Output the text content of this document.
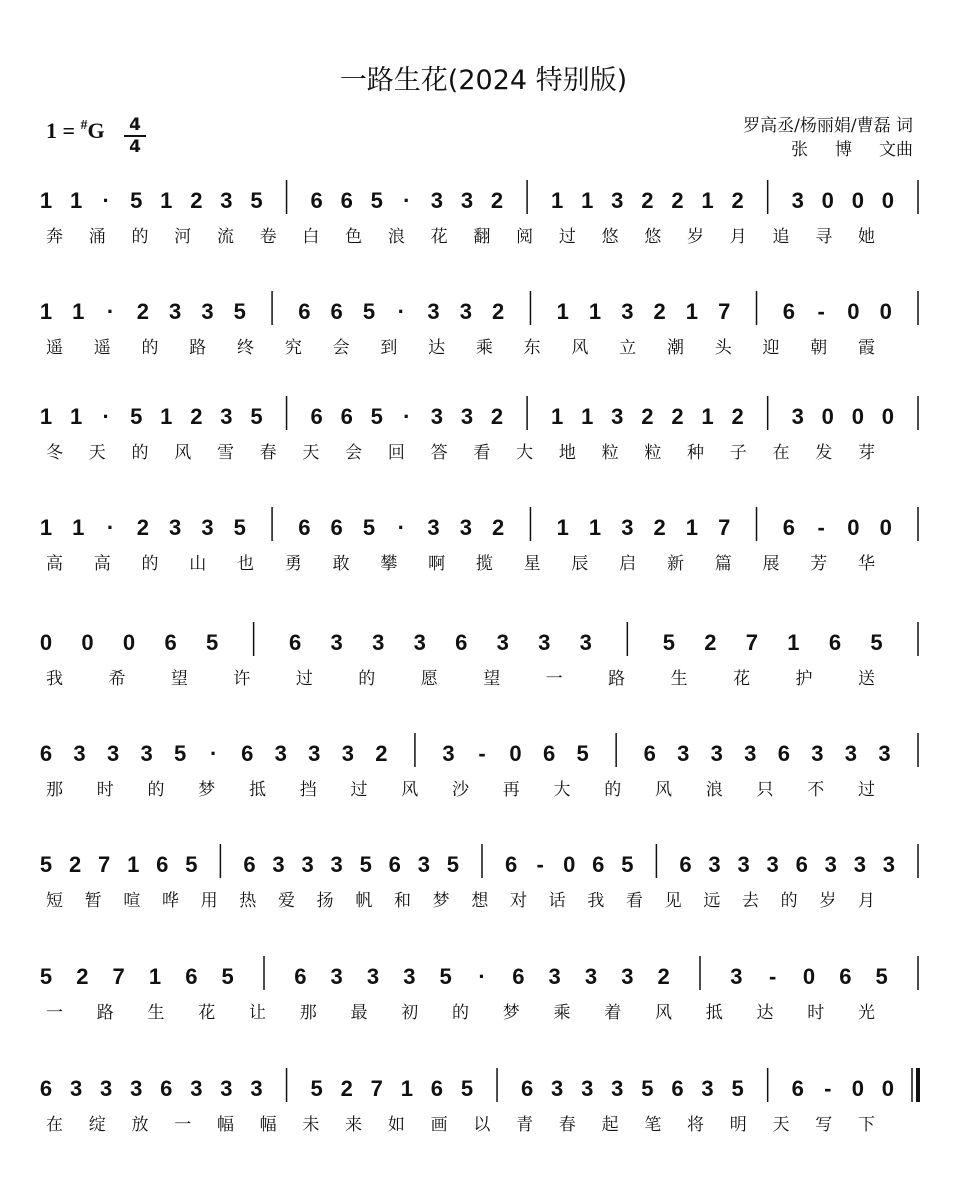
一路生花(2024 特别版)
1 = #G 4
4
罗高丞/杨丽娟/曹磊 词
张     博     文曲
1 1 · 5 1 2 3 5 6 6 5 · 3 3 2 1 1 3 2 2 1 2 3 0 0 0
奔 涌 的 河 流 卷 白 色 浪 花 翻 阅 过 悠 悠 岁 月 追 寻 她
1 1 · 2 3 3 5 6 6 5 · 3 3 2 1 1 3 2 1 7 6 - 0 0
遥 遥 的 路 终 究 会 到 达 乘 东 风 立 潮 头 迎 朝 霞
1 1 · 5 1 2 3 5 6 6 5 · 3 3 2 1 1 3 2 2 1 2 3 0 0 0
冬 天 的 风 雪 春 天 会 回 答 看 大 地 粒 粒 种 子 在 发 芽
1 1 · 2 3 3 5 6 6 5 · 3 3 2 1 1 3 2 1 7 6 - 0 0
高 高 的 山 也 勇 敢 攀 啊 揽 星 辰 启 新 篇 展 芳 华
0 0 0 6 5	6 3 3 3 6 3 3 3	5 2 7 1 6 5
我	希	望	许	过	的	愿	望	一	路	生	花	护	送
6 3 3 3 5 · 6 3 3 3 2 3 - 0 6 5 6 3 3 3 6 3 3 3
那 时 的 梦 抵 挡 过 风 沙 再 大 的 风 浪 只 不 过
5 2 7 1 6 5 6 3 3 3 5 6 3 5 6 - 0 6 5 6 3 3 3 6 3 3 3
短 暂 喧 哗 用 热 爱 扬 帆 和 梦 想 对 话 我 看 见 远 去 的 岁 月
5 2 7 1 6 5	6 3 3 3 5 · 6 3 3 3 2	3 - 0 6 5
一 路 生 花 让 那 最 初 的 梦 乘 着 风 抵 达 时 光
6 3 3 3 6 3 3 3 5 2 7 1 6 5 6 3 3 3 5 6 3 5 6 - 0 0
在 绽 放 一 幅 幅 未 来 如 画 以 青 春 起 笔 将 明 天 写 下
